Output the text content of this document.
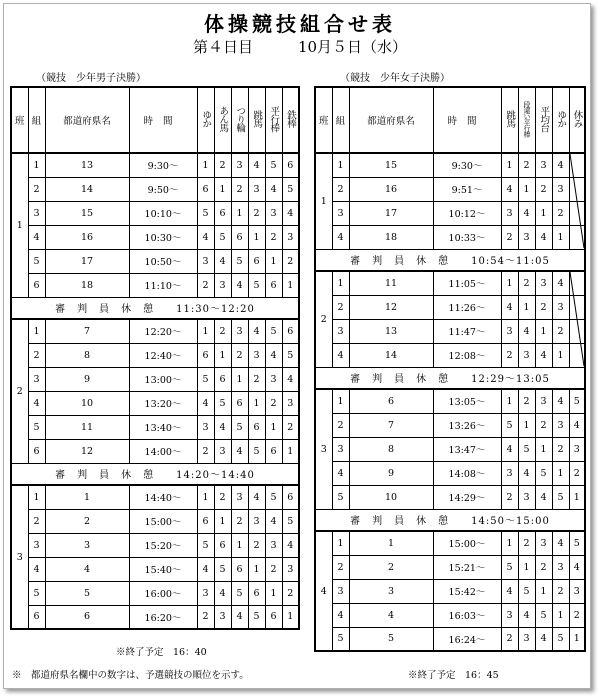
体操競技組合せ表
第４日目　　　10月５日（水）
（競技　少年男子決勝）	（競技　少年女子決勝）
班	組	都道府県名	時間	ゆか	あん馬	つり輪	跳馬	平行棒	鉄棒
1	1	13	9:30～	1	2	3	4	5	6
	2	14	9:50～	6	1	2	3	4	5
	3	15	10:10～	5	6	1	2	3	4
	4	16	10:30～	4	5	6	1	2	3
	5	17	10:50～	3	4	5	6	1	2
	6	18	11:10～	2	3	4	5	6	1
審　判　員　休　憩　　11:30～12:20									
2	1	7	12:20～	1	2	3	4	5	6
	2	8	12:40～	6	1	2	3	4	5
	3	9	13:00～	5	6	1	2	3	4
	4	10	13:20～	4	5	6	1	2	3
	5	11	13:40～	3	4	5	6	1	2
	6	12	14:00～	2	3	4	5	6	1
審　判　員　休　憩　　14:20～14:40									
3	1	1	14:40～	1	2	3	4	5	6
	2	2	15:00～	6	1	2	3	4	5
	3	3	15:20～	5	6	1	2	3	4
	4	4	15:40～	4	5	6	1	2	3
	5	5	16:00～	3	4	5	6	1	2
	6	6	16:20～	2	3	4	5	6	1
班	組	都道府県名	時間	跳馬	段違い平行棒	平均台	ゆか	休み
1	1	15	9:30～	1	2	3	4	
	2	16	9:51～	4	1	2	3	
	3	17	10:12～	3	4	1	2	
	4	18	10:33～	2	3	4	1	
審　判　員　休　憩　　10:54～11:05								
2	1	11	11:05～	1	2	3	4	
	2	12	11:26～	4	1	2	3	
	3	13	11:47～	3	4	1	2	
	4	14	12:08～	2	3	4	1	
審　判　員　休　憩　　12:29～13:05								
3	1	6	13:05～	1	2	3	4	5
	2	7	13:26～	5	1	2	3	4
	3	8	13:47～	4	5	1	2	3
	4	9	14:08～	3	4	5	1	2
	5	10	14:29～	2	3	4	5	1
審　判　員　休　憩　　14:50～15:00								
4	1	1	15:00～	1	2	3	4	5
	2	2	15:21～	5	1	2	3	4
	3	3	15:42～	4	5	1	2	3
	4	4	16:03～	3	4	5	1	2
	5	5	16:24～	2	3	4	5	1
※終了予定　16：40
※終了予定　16：45
※　都道府県名欄中の数字は、予選競技の順位を示す。
